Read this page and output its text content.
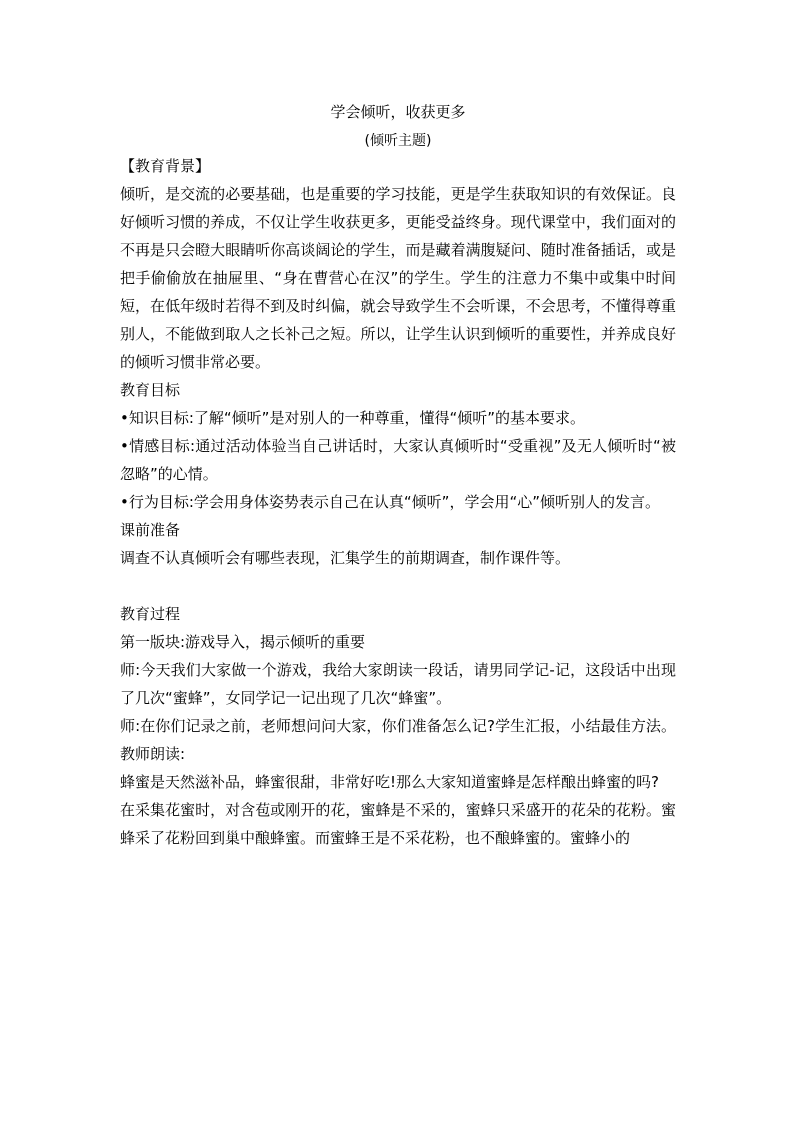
学会倾听，收获更多
(倾听主题)

【教育背景】

倾听，是交流的必要基础，也是重要的学习技能，更是学生获取知识的有效保证。良好倾听习惯的养成，不仅让学生收获更多，更能受益终身。现代课堂中，我们面对的不再是只会瞪大眼睛听你高谈阔论的学生，而是藏着满腹疑问、随时准备插话，或是把手偷偷放在抽屉里、“身在曹营心在汉”的学生。学生的注意力不集中或集中时间短，在低年级时若得不到及时纠偏，就会导致学生不会听课，不会思考，不懂得尊重别人，不能做到取人之长补己之短。所以，让学生认识到倾听的重要性，并养成良好的倾听习惯非常必要。

教育目标

•知识目标:了解“倾听”是对别人的一种尊重，懂得“倾听”的基本要求。

•情感目标:通过活动体验当自己讲话时，大家认真倾听时“受重视”及无人倾听时“被忽略”的心情。

•行为目标:学会用身体姿势表示自己在认真“倾听”，学会用“心”倾听别人的发言。

课前准备

调查不认真倾听会有哪些表现，汇集学生的前期调查，制作课件等。

教育过程

第一版块:游戏导入，揭示倾听的重要

师:今天我们大家做一个游戏，我给大家朗读一段话，请男同学记-记，这段话中出现了几次“蜜蜂”，女同学记一记出现了几次“蜂蜜”。

师:在你们记录之前，老师想问问大家，你们准备怎么记?学生汇报，小结最佳方法。教师朗读:

蜂蜜是天然滋补品，蜂蜜很甜，非常好吃!那么大家知道蜜蜂是怎样酿出蜂蜜的吗?

在采集花蜜时，对含苞或刚开的花，蜜蜂是不采的，蜜蜂只采盛开的花朵的花粉。蜜蜂采了花粉回到巢中酿蜂蜜。而蜜蜂王是不采花粉，也不酿蜂蜜的。蜜蜂小的
